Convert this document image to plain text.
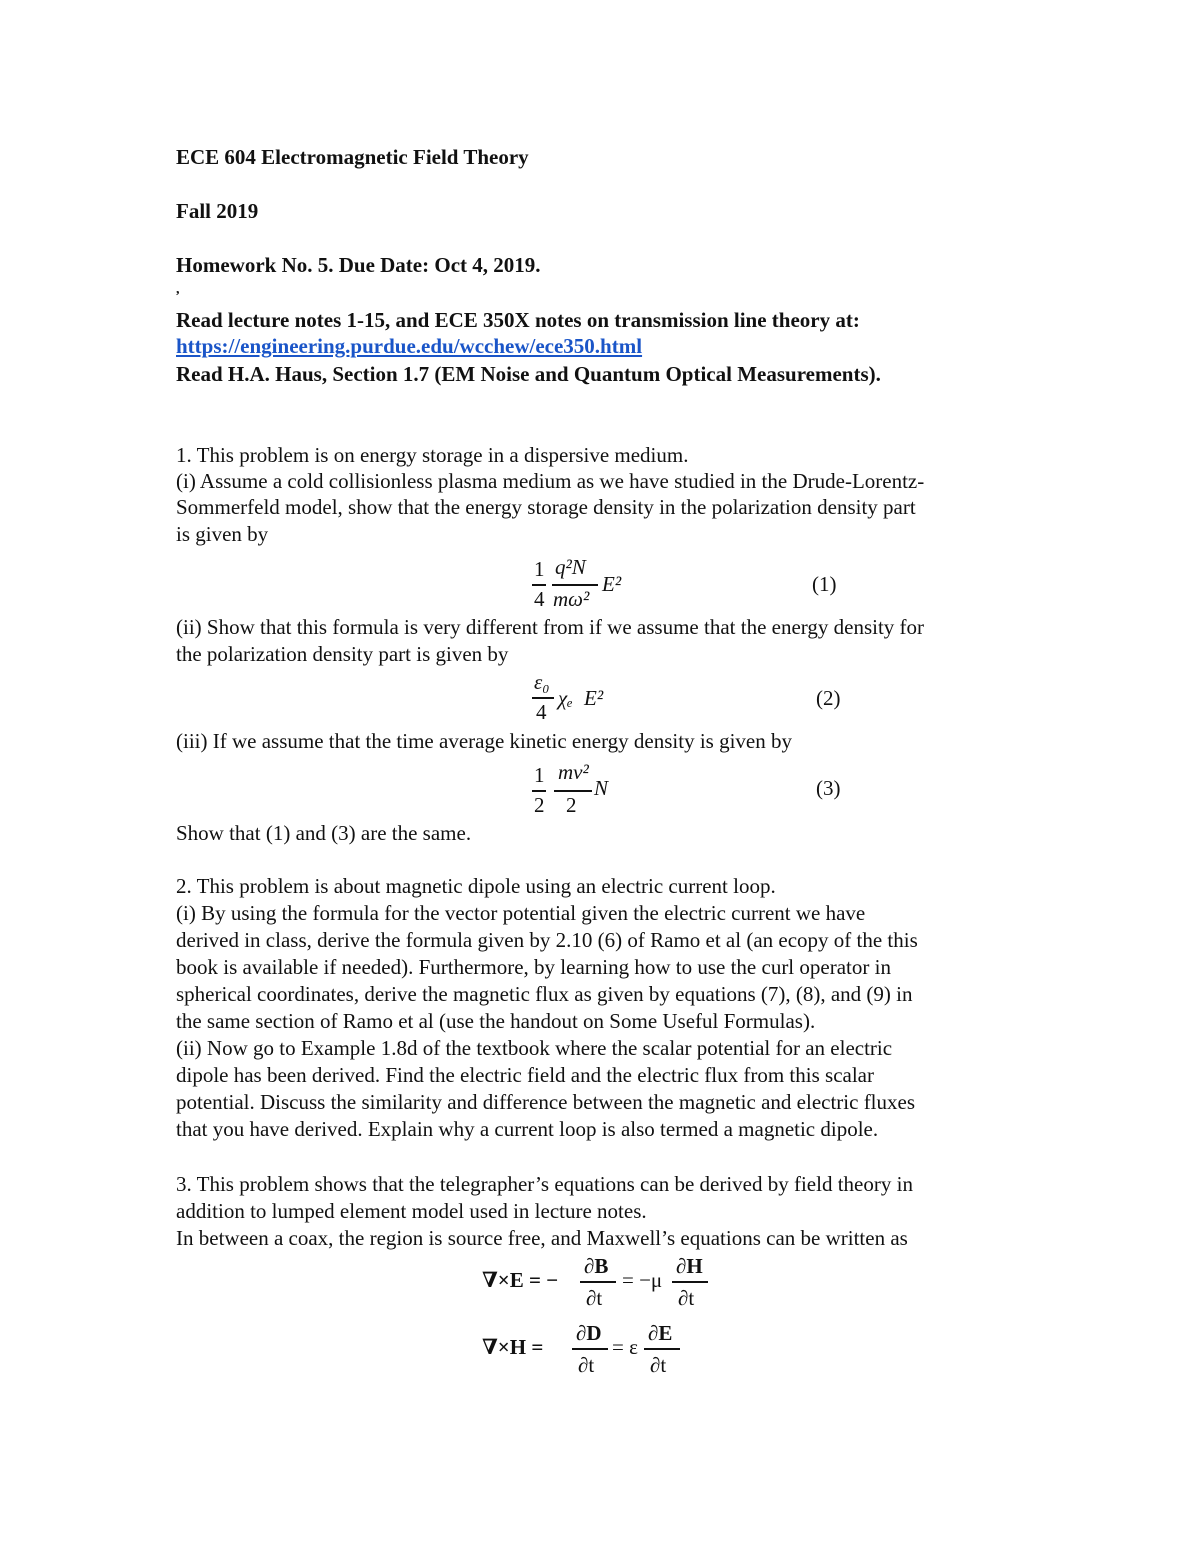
ECE 604 Electromagnetic Field Theory
Fall 2019
Homework No. 5. Due Date: Oct 4, 2019.
,
Read lecture notes 1-15, and ECE 350X notes on transmission line theory at:
https://engineering.purdue.edu/wcchew/ece350.html
Read H.A. Haus, Section 1.7 (EM Noise and Quantum Optical Measurements).
1. This problem is on energy storage in a dispersive medium.
(i) Assume a cold collisionless plasma medium as we have studied in the Drude-Lorentz-
Sommerfeld model, show that the energy storage density in the polarization density part
is given by
1 q²N
4 mω²
E²	(1)
(ii) Show that this formula is very different from if we assume that the energy density for
the polarization density part is given by
ε₀
4
χₑ E²	(2)
(iii) If we assume that the time average kinetic energy density is given by
1 mv²
2 2
N	(3)
Show that (1) and (3) are the same.
2. This problem is about magnetic dipole using an electric current loop.
(i) By using the formula for the vector potential given the electric current we have
derived in class, derive the formula given by 2.10 (6) of Ramo et al (an ecopy of the this
book is available if needed). Furthermore, by learning how to use the curl operator in
spherical coordinates, derive the magnetic flux as given by equations (7), (8), and (9) in
the same section of Ramo et al (use the handout on Some Useful Formulas).
(ii) Now go to Example 1.8d of the textbook where the scalar potential for an electric
dipole has been derived. Find the electric field and the electric flux from this scalar
potential. Discuss the similarity and difference between the magnetic and electric fluxes
that you have derived. Explain why a current loop is also termed a magnetic dipole.
3. This problem shows that the telegrapher’s equations can be derived by field theory in
addition to lumped element model used in lecture notes.
In between a coax, the region is source free, and Maxwell’s equations can be written as
∇×E = −
∂B
∂t
= −μ
∂H
∂t
∇×H =
∂D
∂t
= ε
∂E
∂t
